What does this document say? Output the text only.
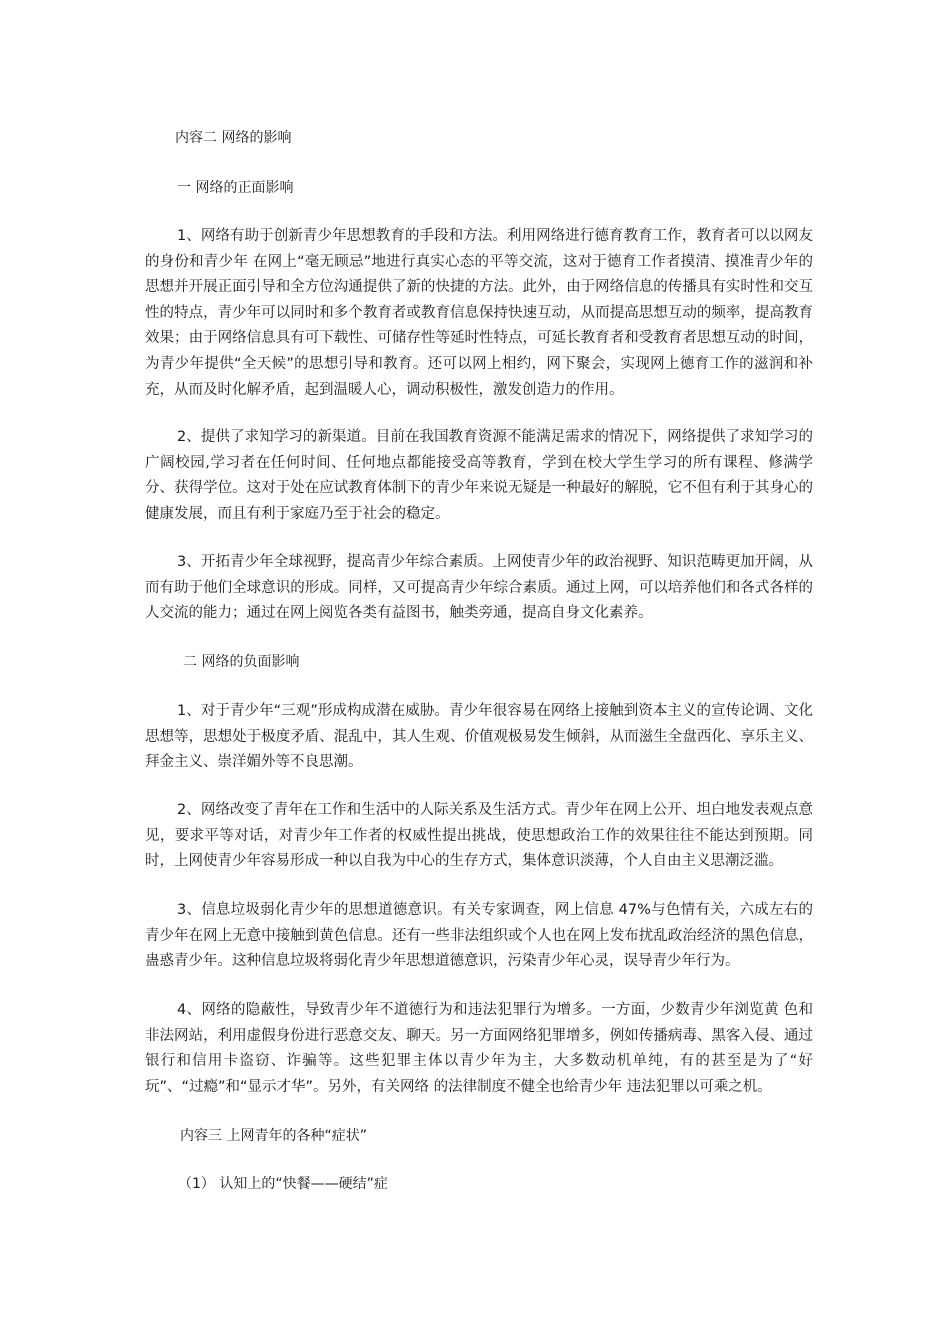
内容二 网络的影响
一 网络的正面影响

1、网络有助于创新青少年思想教育的手段和方法。利用网络进行德育教育工作，教育者可以以网友的身份和青少年 在网上“毫无顾忌”地进行真实心态的平等交流，这对于德育工作者摸清、摸准青少年的思想并开展正面引导和全方位沟通提供了新的快捷的方法。此外，由于网络信息的传播具有实时性和交互性的特点，青少年可以同时和多个教育者或教育信息保持快速互动，从而提高思想互动的频率，提高教育效果；由于网络信息具有可下载性、可储存性等延时性特点，可延长教育者和受教育者思想互动的时间，为青少年提供“全天候”的思想引导和教育。还可以网上相约，网下聚会，实现网上德育工作的滋润和补充，从而及时化解矛盾，起到温暖人心，调动积极性，激发创造力的作用。

2、提供了求知学习的新渠道。目前在我国教育资源不能满足需求的情况下，网络提供了求知学习的广阔校园,学习者在任何时间、任何地点都能接受高等教育，学到在校大学生学习的所有课程、修满学分、获得学位。这对于处在应试教育体制下的青少年来说无疑是一种最好的解脱，它不但有利于其身心的健康发展，而且有利于家庭乃至于社会的稳定。

3、开拓青少年全球视野，提高青少年综合素质。上网使青少年的政治视野、知识范畴更加开阔，从而有助于他们全球意识的形成。同样，又可提高青少年综合素质。通过上网，可以培养他们和各式各样的人交流的能力；通过在网上阅览各类有益图书，触类旁通，提高自身文化素养。

二 网络的负面影响

1、对于青少年“三观”形成构成潜在威胁。青少年很容易在网络上接触到资本主义的宣传论调、文化思想等，思想处于极度矛盾、混乱中，其人生观、价值观极易发生倾斜，从而滋生全盘西化、享乐主义、拜金主义、崇洋媚外等不良思潮。

2、网络改变了青年在工作和生活中的人际关系及生活方式。青少年在网上公开、坦白地发表观点意见，要求平等对话，对青少年工作者的权威性提出挑战，使思想政治工作的效果往往不能达到预期。同时，上网使青少年容易形成一种以自我为中心的生存方式，集体意识淡薄，个人自由主义思潮泛滥。

3、信息垃圾弱化青少年的思想道德意识。有关专家调查，网上信息 47%与色情有关，六成左右的青少年在网上无意中接触到黄色信息。还有一些非法组织或个人也在网上发布扰乱政治经济的黑色信息，蛊惑青少年。这种信息垃圾将弱化青少年思想道德意识，污染青少年心灵，误导青少年行为。

4、网络的隐蔽性，导致青少年不道德行为和违法犯罪行为增多。一方面，少数青少年浏览黄 色和非法网站，利用虚假身份进行恶意交友、聊天。另一方面网络犯罪增多，例如传播病毒、黑客入侵、通过银行和信用卡盗窃、诈骗等。这些犯罪主体以青少年为主，大多数动机单纯，有的甚至是为了“好玩”、“过瘾”和“显示才华”。另外，有关网络 的法律制度不健全也给青少年 违法犯罪以可乘之机。

内容三 上网青年的各种“症状”
（1） 认知上的“快餐——硬结”症
